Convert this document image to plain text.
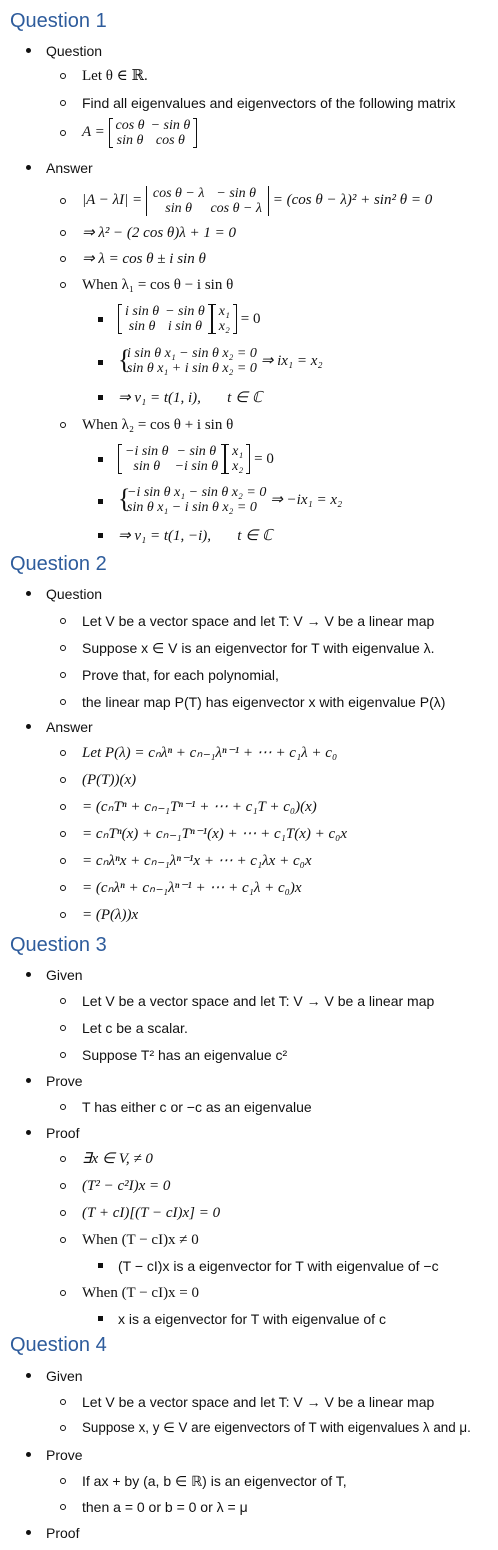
Question 1
Question
Let θ ∈ ℝ.
Find all eigenvalues and eigenvectors of the following matrix
A = cos θ	− sin θ
sin θ	cos θ
Answer
|A − λI| = cos θ − λ	− sin θ
sin θ	cos θ − λ
= (cos θ − λ)² + sin² θ = 0
⇒ λ² − (2 cos θ)λ + 1 = 0
⇒ λ = cos θ ± i sin θ
When λ₁ = cos θ − i sin θ
i sin θ	− sin θ
sin θ	i sin θ
x₁
x₂ = 0
{
i sin θ x₁ − sin θ x₂ = 0
sin θ x₁ + i sin θ x₂ = 0 ⇒ ix₁ = x₂
⇒ v₁ = t(1, i),       t ∈ ℂ
When λ₂ = cos θ + i sin θ
−i sin θ	− sin θ
sin θ	−i sin θ
x₁
x₂ = 0
{
−i sin θ x₁ − sin θ x₂ = 0
sin θ x₁ − i sin θ x₂ = 0 ⇒ −ix₁ = x₂
⇒ v₁ = t(1, −i),       t ∈ ℂ
Question 2
Question
Let V be a vector space and let T: V → V be a linear map
Suppose x ∈ V is an eigenvector for T with eigenvalue λ.
Prove that, for each polynomial,
the linear map P(T) has eigenvector x with eigenvalue P(λ)
Answer
Let P(λ) = cₙλⁿ + cₙ₋₁λⁿ⁻¹ + ⋯ + c₁λ + c₀
(P(T))(x)
= (cₙTⁿ + cₙ₋₁Tⁿ⁻¹ + ⋯ + c₁T + c₀)(x)
= cₙTⁿ(x) + cₙ₋₁Tⁿ⁻¹(x) + ⋯ + c₁T(x) + c₀x
= cₙλⁿx + cₙ₋₁λⁿ⁻¹x + ⋯ + c₁λx + c₀x
= (cₙλⁿ + cₙ₋₁λⁿ⁻¹ + ⋯ + c₁λ + c₀)x
= (P(λ))x
Question 3
Given
Let V be a vector space and let T: V → V be a linear map
Let c be a scalar.
Suppose T² has an eigenvalue c²
Prove
T has either c or −c as an eigenvalue
Proof
∃x ∈ V, ≠ 0
(T² − c²I)x = 0
(T + cI)[(T − cI)x] = 0
When (T − cI)x ≠ 0
(T − cI)x is a eigenvector for T with eigenvalue of −c
When (T − cI)x = 0
x is a eigenvector for T with eigenvalue of c
Question 4
Given
Let V be a vector space and let T: V → V be a linear map
Suppose x, y ∈ V are eigenvectors of T with eigenvalues λ and μ.
Prove
If ax + by (a, b ∈ ℝ) is an eigenvector of T,
then a = 0 or b = 0 or λ = μ
Proof
